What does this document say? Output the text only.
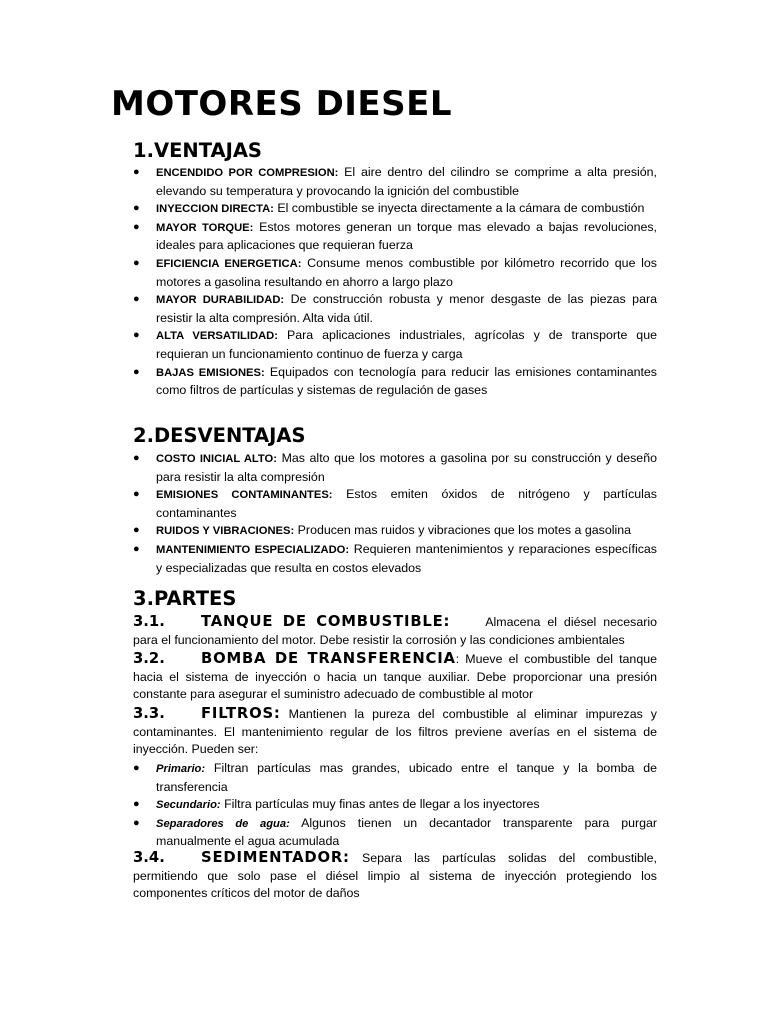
MOTORES DIESEL
1.VENTAJAS
● ENCENDIDO POR COMPRESION: El aire dentro del cilindro se comprime a alta presión, elevando su temperatura y provocando la ignición del combustible
● INYECCION DIRECTA: El combustible se inyecta directamente a la cámara de combustión
● MAYOR TORQUE: Estos motores generan un torque mas elevado a bajas revoluciones, ideales para aplicaciones que requieran fuerza
● EFICIENCIA ENERGETICA: Consume menos combustible por kilómetro recorrido que los motores a gasolina resultando en ahorro a largo plazo
● MAYOR DURABILIDAD: De construcción robusta y menor desgaste de las piezas para resistir la alta compresión. Alta vida útil.
● ALTA VERSATILIDAD: Para aplicaciones industriales, agrícolas y de transporte que requieran un funcionamiento continuo de fuerza y carga
● BAJAS EMISIONES: Equipados con tecnología para reducir las emisiones contaminantes como filtros de partículas y sistemas de regulación de gases
2.DESVENTAJAS
● COSTO INICIAL ALTO: Mas alto que los motores a gasolina por su construcción y deseño para resistir la alta compresión
● EMISIONES CONTAMINANTES: Estos emiten óxidos de nitrógeno y partículas contaminantes
● RUIDOS Y VIBRACIONES: Producen mas ruidos y vibraciones que los motes a gasolina
● MANTENIMIENTO ESPECIALIZADO: Requieren mantenimientos y reparaciones específicas y especializadas que resulta en costos elevados
3.PARTES
3.1. TANQUE DE COMBUSTIBLE:	Almacena el diésel necesario para el funcionamiento del motor. Debe resistir la corrosión y las condiciones ambientales
3.2. BOMBA DE TRANSFERENCIA: Mueve el combustible del tanque hacia el sistema de inyección o hacia un tanque auxiliar. Debe proporcionar una presión constante para asegurar el suministro adecuado de combustible al motor
3.3. FILTROS: Mantienen la pureza del combustible al eliminar impurezas y contaminantes. El mantenimiento regular de los filtros previene averías en el sistema de inyección. Pueden ser:
● Primario: Filtran partículas mas grandes, ubicado entre el tanque y la bomba de transferencia
● Secundario: Filtra partículas muy finas antes de llegar a los inyectores
● Separadores de agua: Algunos tienen un decantador transparente para purgar manualmente el agua acumulada
3.4. SEDIMENTADOR: Separa las partículas solidas del combustible, permitiendo que solo pase el diésel limpio al sistema de inyección protegiendo los componentes críticos del motor de daños
